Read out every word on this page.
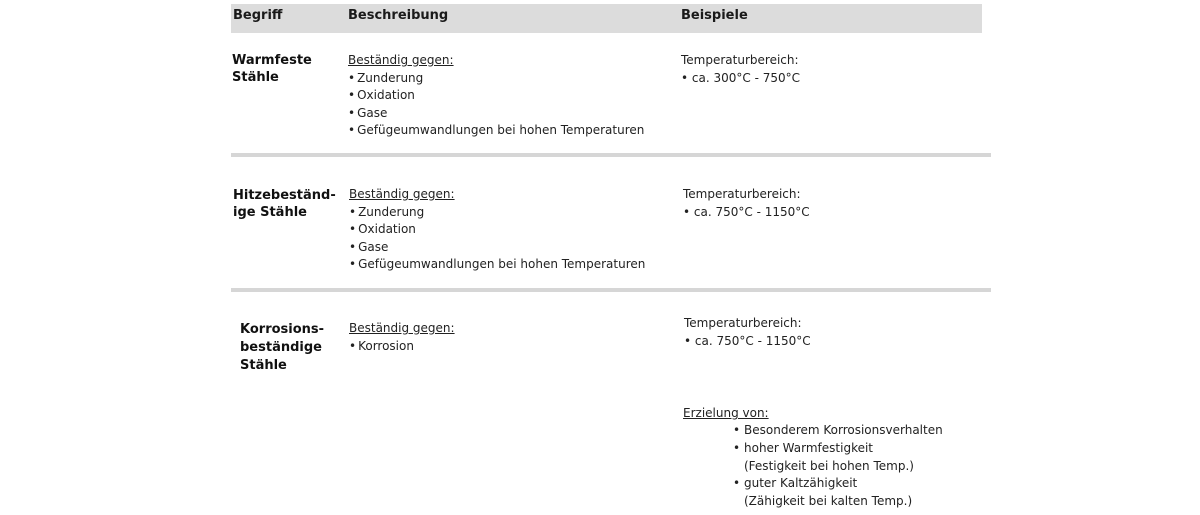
Begriff	Beschreibung	Beispiele
Warmfeste
Stähle
Beständig gegen:
• Zunderung
• Oxidation
• Gase
• Gefügeumwandlungen bei hohen Temperaturen
Temperaturbereich:
• ca. 300°C - 750°C
Hitzebeständ-
ige Stähle
Beständig gegen:
• Zunderung
• Oxidation
• Gase
• Gefügeumwandlungen bei hohen Temperaturen
Temperaturbereich:
• ca. 750°C - 1150°C
Korrosions-
beständige
Stähle
Beständig gegen:
• Korrosion
Temperaturbereich:
• ca. 750°C - 1150°C
Erzielung von:
• Besonderem Korrosionsverhalten
• hoher Warmfestigkeit
(Festigkeit bei hohen Temp.)
• guter Kaltzähigkeit
(Zähigkeit bei kalten Temp.)
